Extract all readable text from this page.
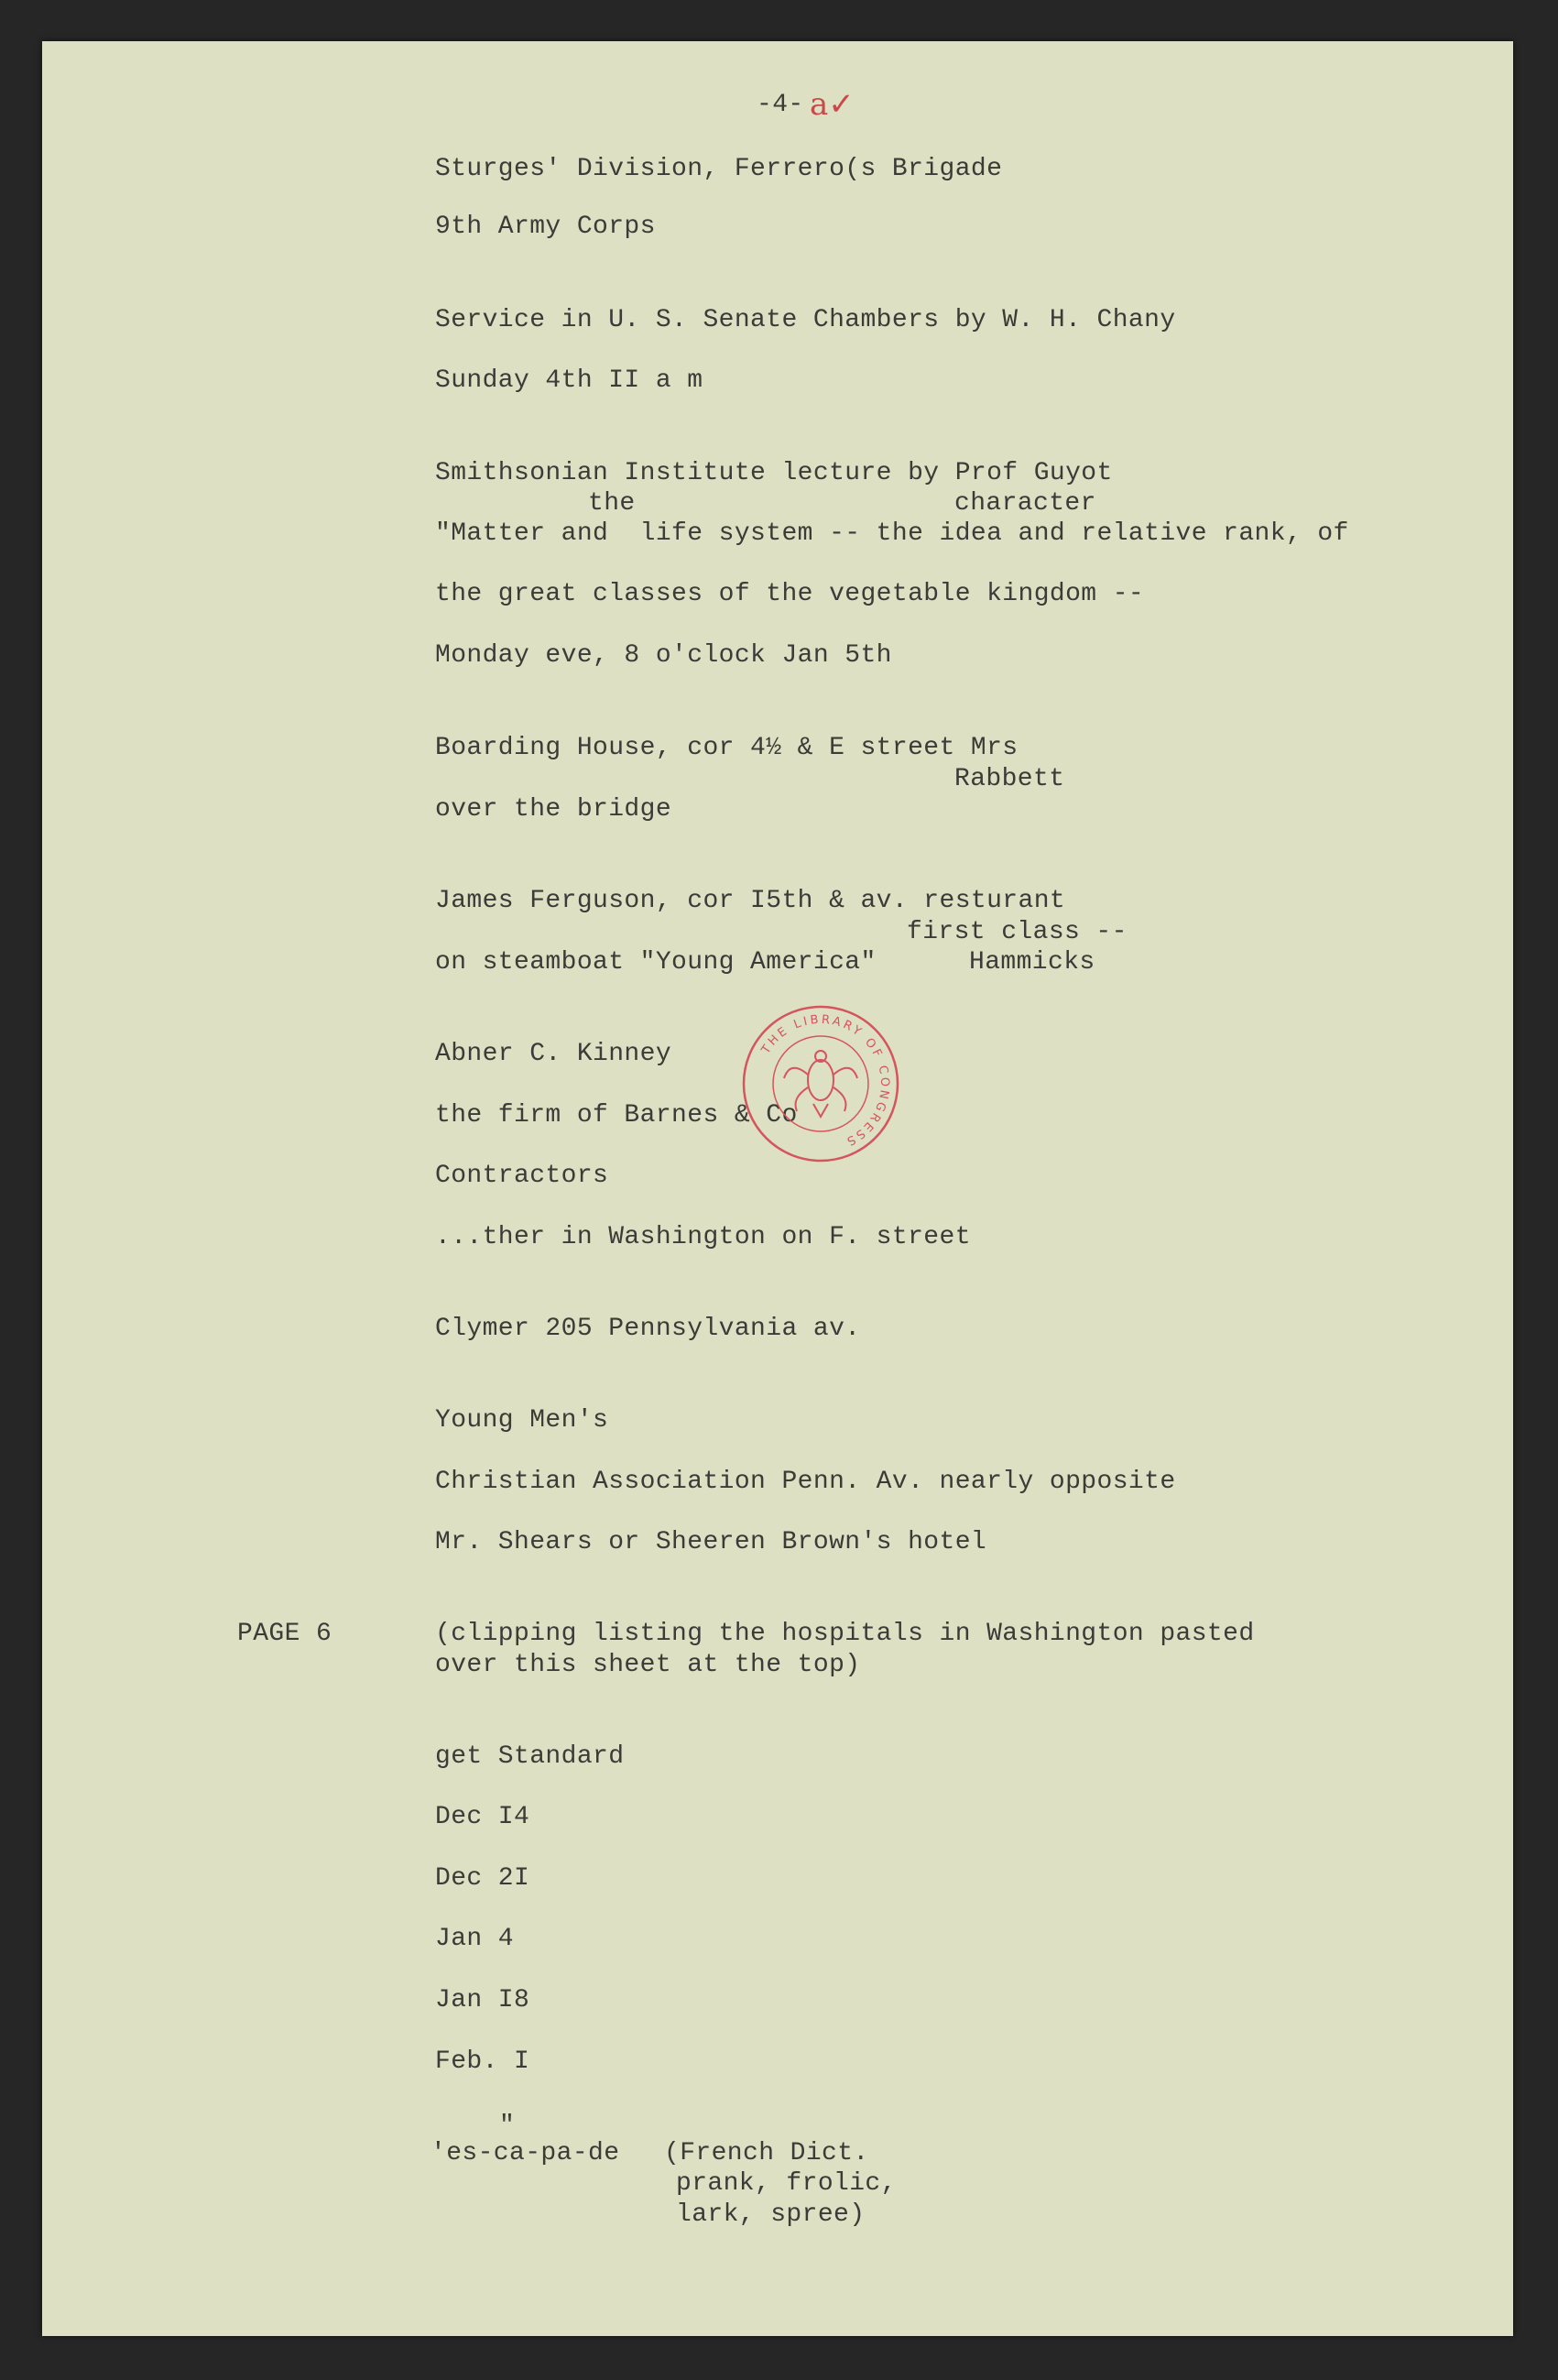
-4- a✓
Sturges' Division, Ferrero(s Brigade
9th Army Corps
Service in U. S. Senate Chambers by W. H. Chany
Sunday 4th II a m
Smithsonian Institute lecture by Prof Guyot
the	character
"Matter and  life system -- the idea and relative rank, of
the great classes of the vegetable kingdom --
Monday eve, 8 o'clock Jan 5th
Boarding House, cor 4½ & E street Mrs
Rabbett
over the bridge
James Ferguson, cor I5th & av. resturant
first class --
on steamboat "Young America"	Hammicks
Abner C. Kinney
the firm of Barnes & Co
Contractors
...ther in Washington on F. street
Clymer 205 Pennsylvania av.
Young Men's
Christian Association Penn. Av. nearly opposite
Mr. Shears or Sheeren Brown's hotel
PAGE 6	(clipping listing the hospitals in Washington pasted
over this sheet at the top)
get Standard
Dec I4
Dec 2I
Jan 4
Jan I8
Feb. I
"
'es-ca-pa-de (French Dict.
prank, frolic,
lark, spree)
THE LIBRARY OF CONGRESS
